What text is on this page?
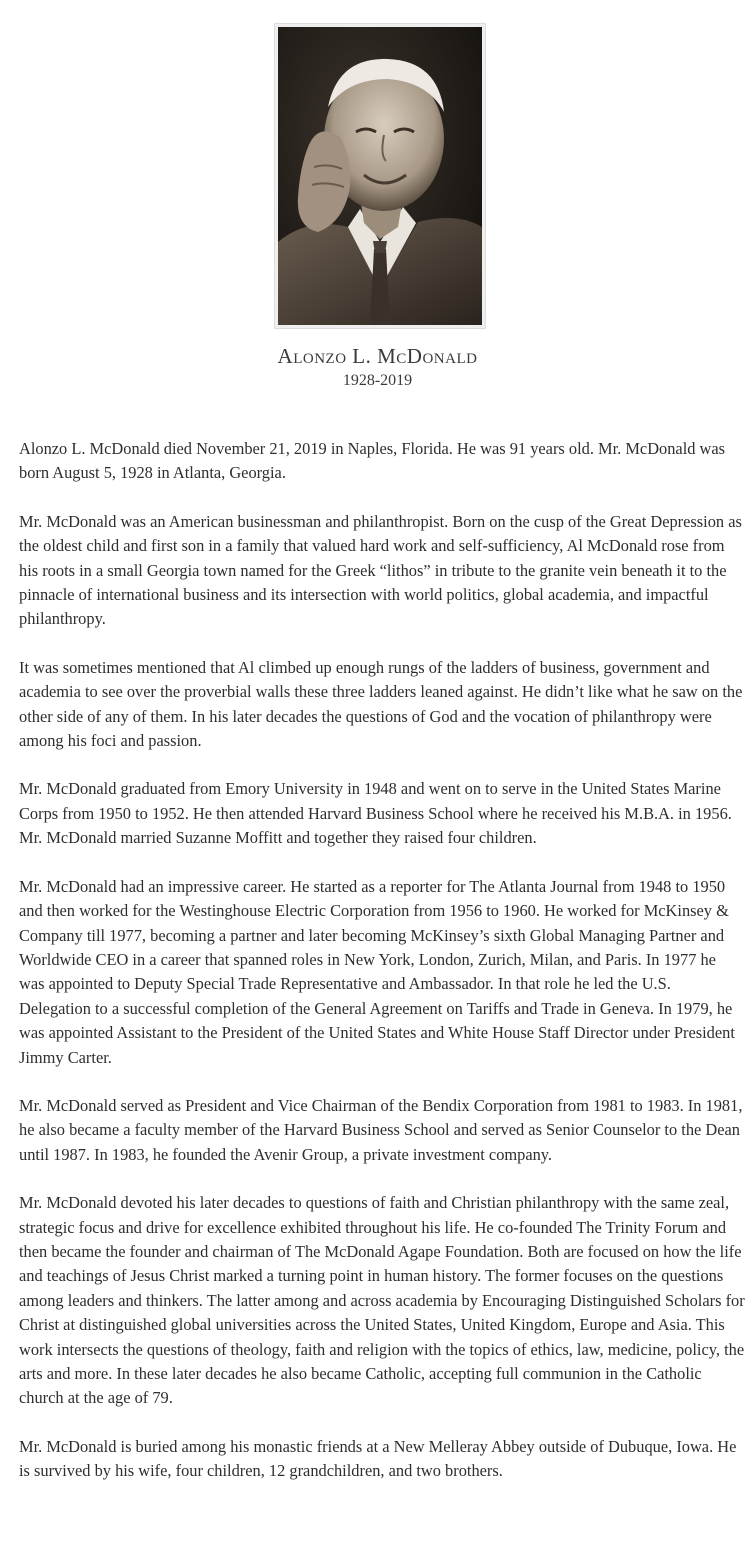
Alonzo L. McDonald
1928-2019

Alonzo L. McDonald died November 21, 2019 in Naples, Florida. He was 91 years old. Mr. McDonald was born August 5, 1928 in Atlanta, Georgia.

Mr. McDonald was an American businessman and philanthropist. Born on the cusp of the Great Depression as the oldest child and first son in a family that valued hard work and self-sufficiency, Al McDonald rose from his roots in a small Georgia town named for the Greek “lithos” in tribute to the granite vein beneath it to the pinnacle of international business and its intersection with world politics, global academia, and impactful philanthropy.

It was sometimes mentioned that Al climbed up enough rungs of the ladders of business, government and academia to see over the proverbial walls these three ladders leaned against. He didn’t like what he saw on the other side of any of them. In his later decades the questions of God and the vocation of philanthropy were among his foci and passion.

Mr. McDonald graduated from Emory University in 1948 and went on to serve in the United States Marine Corps from 1950 to 1952. He then attended Harvard Business School where he received his M.B.A. in 1956. Mr. McDonald married Suzanne Moffitt and together they raised four children.

Mr. McDonald had an impressive career. He started as a reporter for The Atlanta Journal from 1948 to 1950 and then worked for the Westinghouse Electric Corporation from 1956 to 1960. He worked for McKinsey & Company till 1977, becoming a partner and later becoming McKinsey’s sixth Global Managing Partner and Worldwide CEO in a career that spanned roles in New York, London, Zurich, Milan, and Paris. In 1977 he was appointed to Deputy Special Trade Representative and Ambassador. In that role he led the U.S. Delegation to a successful completion of the General Agreement on Tariffs and Trade in Geneva. In 1979, he was appointed Assistant to the President of the United States and White House Staff Director under President Jimmy Carter.

Mr. McDonald served as President and Vice Chairman of the Bendix Corporation from 1981 to 1983. In 1981, he also became a faculty member of the Harvard Business School and served as Senior Counselor to the Dean until 1987. In 1983, he founded the Avenir Group, a private investment company.

Mr. McDonald devoted his later decades to questions of faith and Christian philanthropy with the same zeal, strategic focus and drive for excellence exhibited throughout his life. He co-founded The Trinity Forum and then became the founder and chairman of The McDonald Agape Foundation. Both are focused on how the life and teachings of Jesus Christ marked a turning point in human history. The former focuses on the questions among leaders and thinkers. The latter among and across academia by Encouraging Distinguished Scholars for Christ at distinguished global universities across the United States, United Kingdom, Europe and Asia. This work intersects the questions of theology, faith and religion with the topics of ethics, law, medicine, policy, the arts and more. In these later decades he also became Catholic, accepting full communion in the Catholic church at the age of 79.

Mr. McDonald is buried among his monastic friends at a New Melleray Abbey outside of Dubuque, Iowa. He is survived by his wife, four children, 12 grandchildren, and two brothers.
